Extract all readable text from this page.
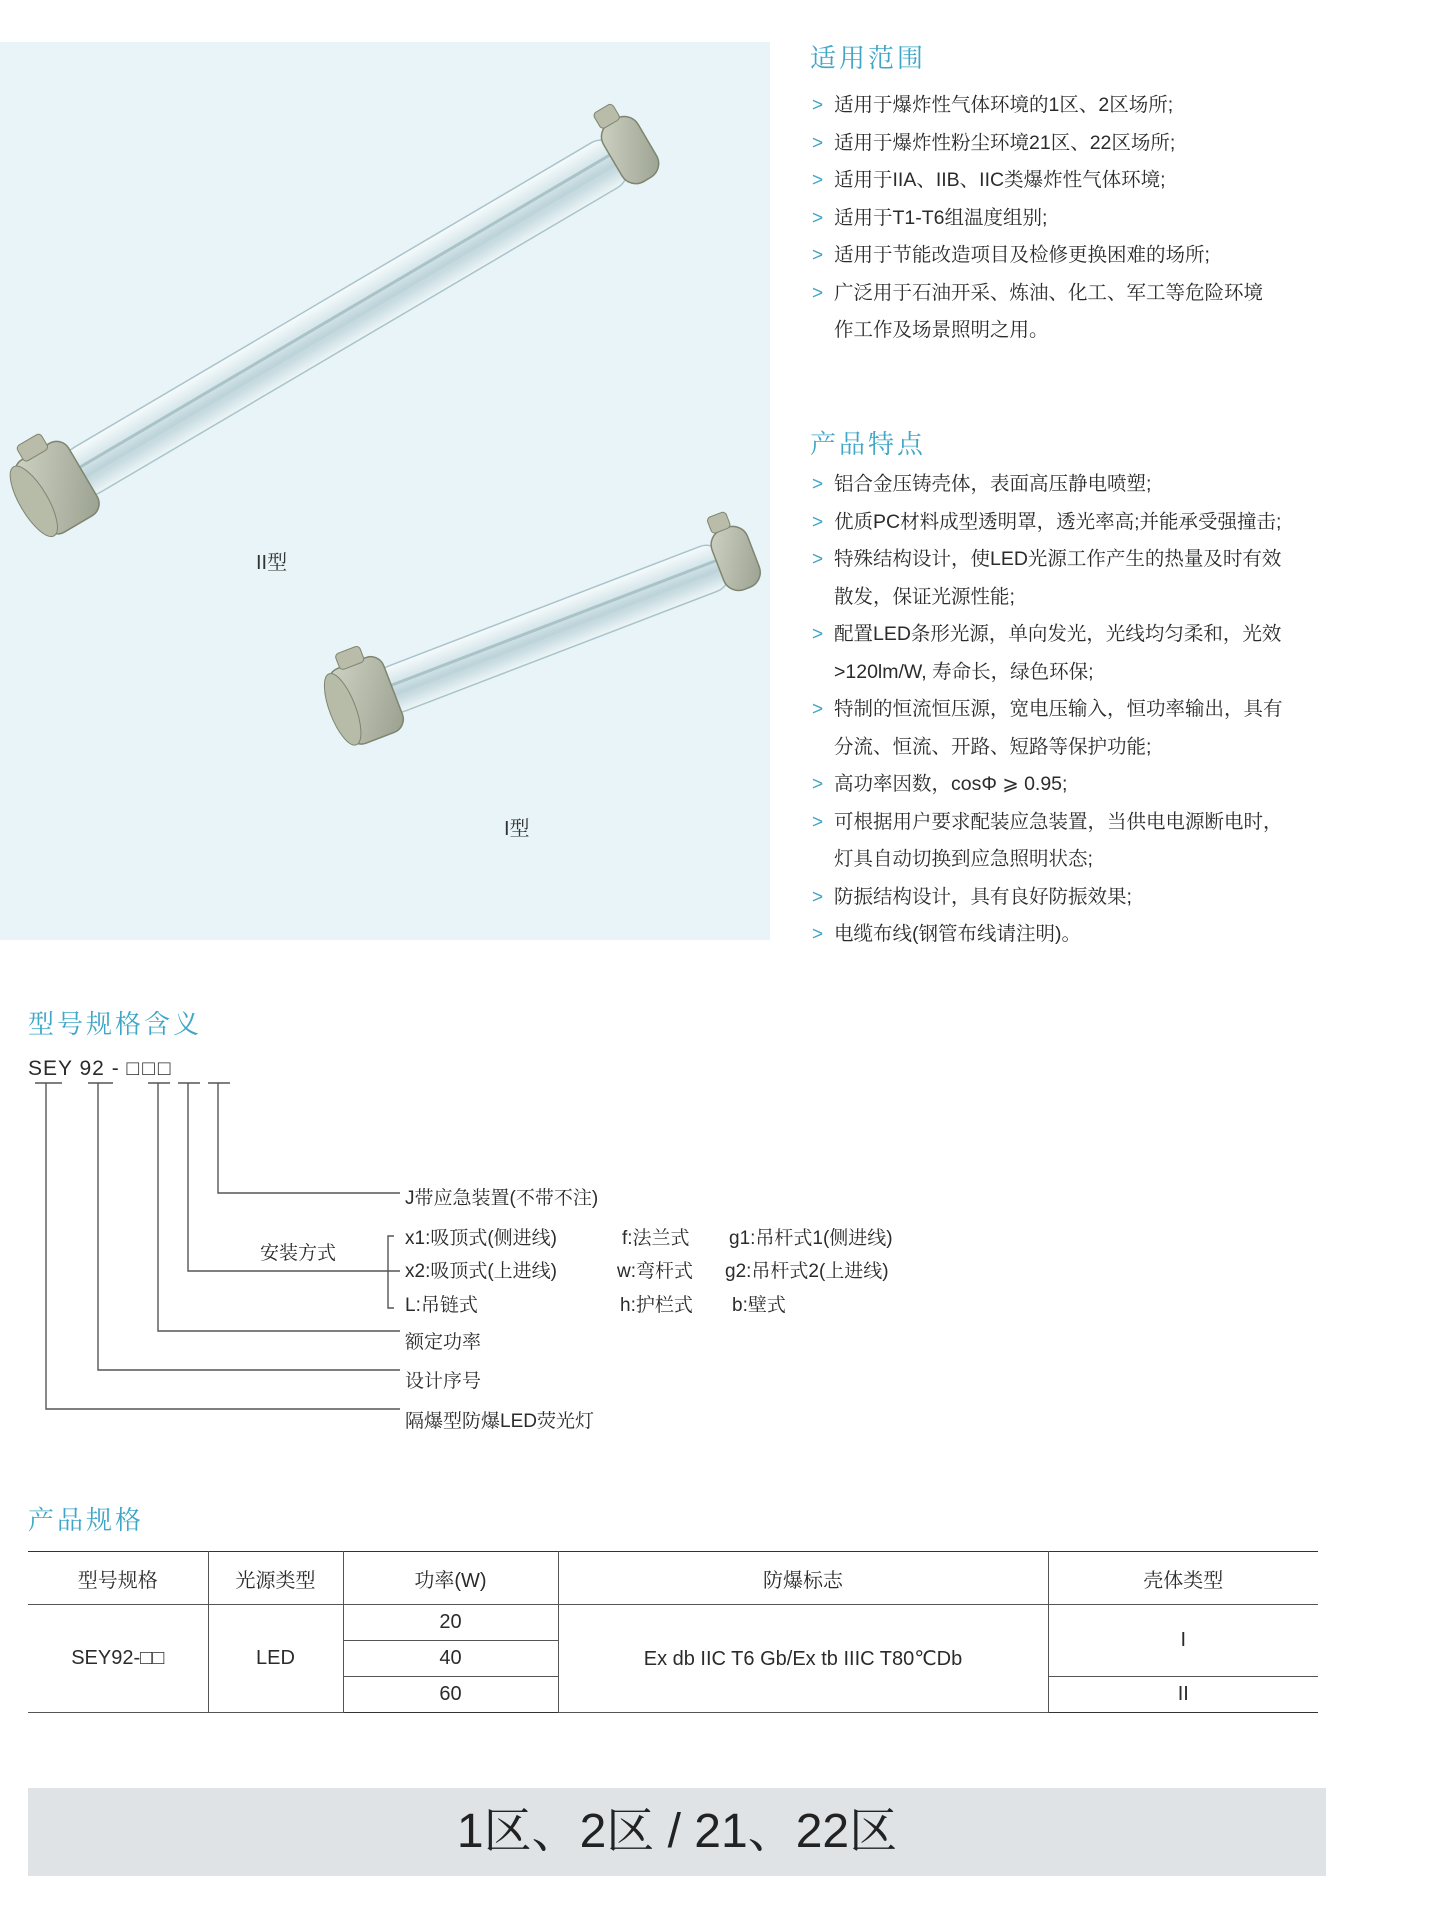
II型
I型
适用范围
> 适用于爆炸性气体环境的1区、2区场所;
> 适用于爆炸性粉尘环境21区、22区场所;
> 适用于IIA、IIB、IIC类爆炸性气体环境;
> 适用于T1-T6组温度组别;
> 适用于节能改造项目及检修更换困难的场所;
> 广泛用于石油开采、炼油、化工、军工等危险环境
作工作及场景照明之用。
产品特点
> 铝合金压铸壳体，表面高压静电喷塑;
> 优质PC材料成型透明罩，透光率高;并能承受强撞击;
> 特殊结构设计，使LED光源工作产生的热量及时有效
散发，保证光源性能;
> 配置LED条形光源，单向发光，光线均匀柔和，光效
>120lm/W, 寿命长，绿色环保;
> 特制的恒流恒压源，宽电压输入，恒功率输出，具有
分流、恒流、开路、短路等保护功能;
> 高功率因数，cosΦ ⩾ 0.95;
> 可根据用户要求配装应急装置，当供电电源断电时，
灯具自动切换到应急照明状态;
> 防振结构设计，具有良好防振效果;
> 电缆布线(钢管布线请注明)。
型号规格含义
SEY 92 - □□□
J带应急装置(不带不注)
安装方式
x1:吸顶式(侧进线)	f:法兰式 g1:吊杆式1(侧进线)
x2:吸顶式(上进线)	w:弯杆式 g2:吊杆式2(上进线)
L:吊链式	h:护栏式 b:壁式
额定功率
设计序号
隔爆型防爆LED荧光灯
产品规格
型号规格	光源类型	功率(W)	防爆标志	壳体类型
SEY92-□□	LED	20	Ex db IIC T6 Gb/Ex tb IIIC T80℃Db	I
		40		
		60		II
1区、2区 / 21、22区
